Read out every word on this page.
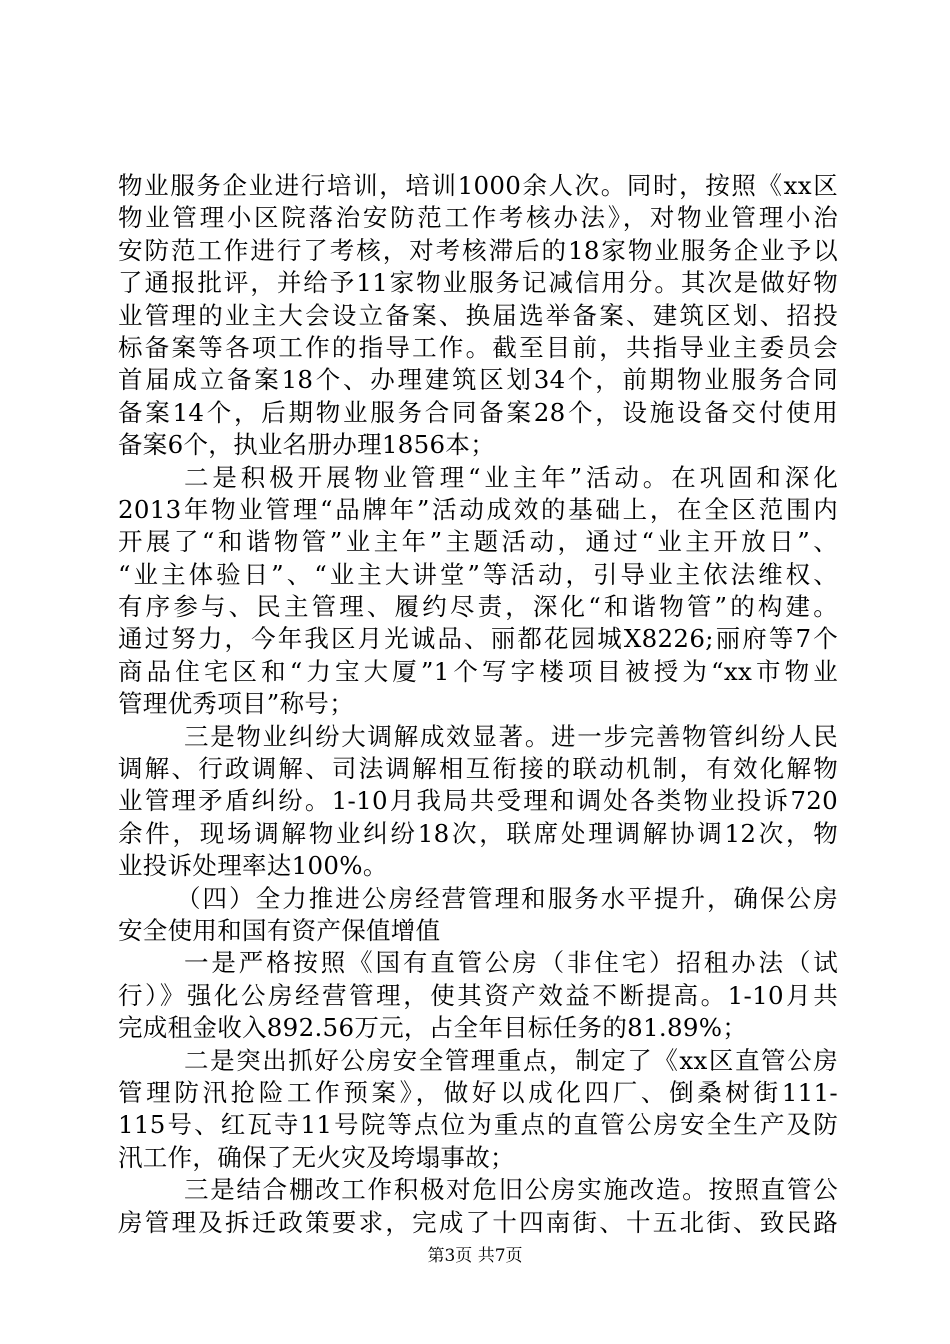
物业服务企业进行培训，培训1000余人次。同时，按照《xx区
物业管理小区院落治安防范工作考核办法》，对物业管理小治
安防范工作进行了考核，对考核滞后的18家物业服务企业予以
了通报批评，并给予11家物业服务记减信用分。其次是做好物
业管理的业主大会设立备案、换届选举备案、建筑区划、招投
标备案等各项工作的指导工作。截至目前，共指导业主委员会
首届成立备案18个、办理建筑区划34个，前期物业服务合同
备案14个，后期物业服务合同备案28个，设施设备交付使用
备案6个，执业名册办理1856本；
二是积极开展物业管理“业主年”活动。在巩固和深化
2013年物业管理“品牌年”活动成效的基础上，在全区范围内
开展了“和谐物管”业主年”主题活动，通过“业主开放日”、
“业主体验日”、“业主大讲堂”等活动，引导业主依法维权、
有序参与、民主管理、履约尽责，深化“和谐物管”的构建。
通过努力，今年我区月光诚品、丽都花园城X8226;丽府等7个
商品住宅区和“力宝大厦”1个写字楼项目被授为“xx市物业
管理优秀项目”称号；
三是物业纠纷大调解成效显著。进一步完善物管纠纷人民
调解、行政调解、司法调解相互衔接的联动机制，有效化解物
业管理矛盾纠纷。1-10月我局共受理和调处各类物业投诉720
余件，现场调解物业纠纷18次，联席处理调解协调12次，物
业投诉处理率达100%。
（四）全力推进公房经营管理和服务水平提升，确保公房
安全使用和国有资产保值增值
一是严格按照《国有直管公房（非住宅）招租办法（试
行）》强化公房经营管理，使其资产效益不断提高。1-10月共
完成租金收入892.56万元，占全年目标任务的81.89%；
二是突出抓好公房安全管理重点，制定了《xx区直管公房
管理防汛抢险工作预案》，做好以成化四厂、倒桑树街111-
115号、红瓦寺11号院等点位为重点的直管公房安全生产及防
汛工作，确保了无火灾及垮塌事故；
三是结合棚改工作积极对危旧公房实施改造。按照直管公
房管理及拆迁政策要求，完成了十四南街、十五北街、致民路
第3页 共7页
